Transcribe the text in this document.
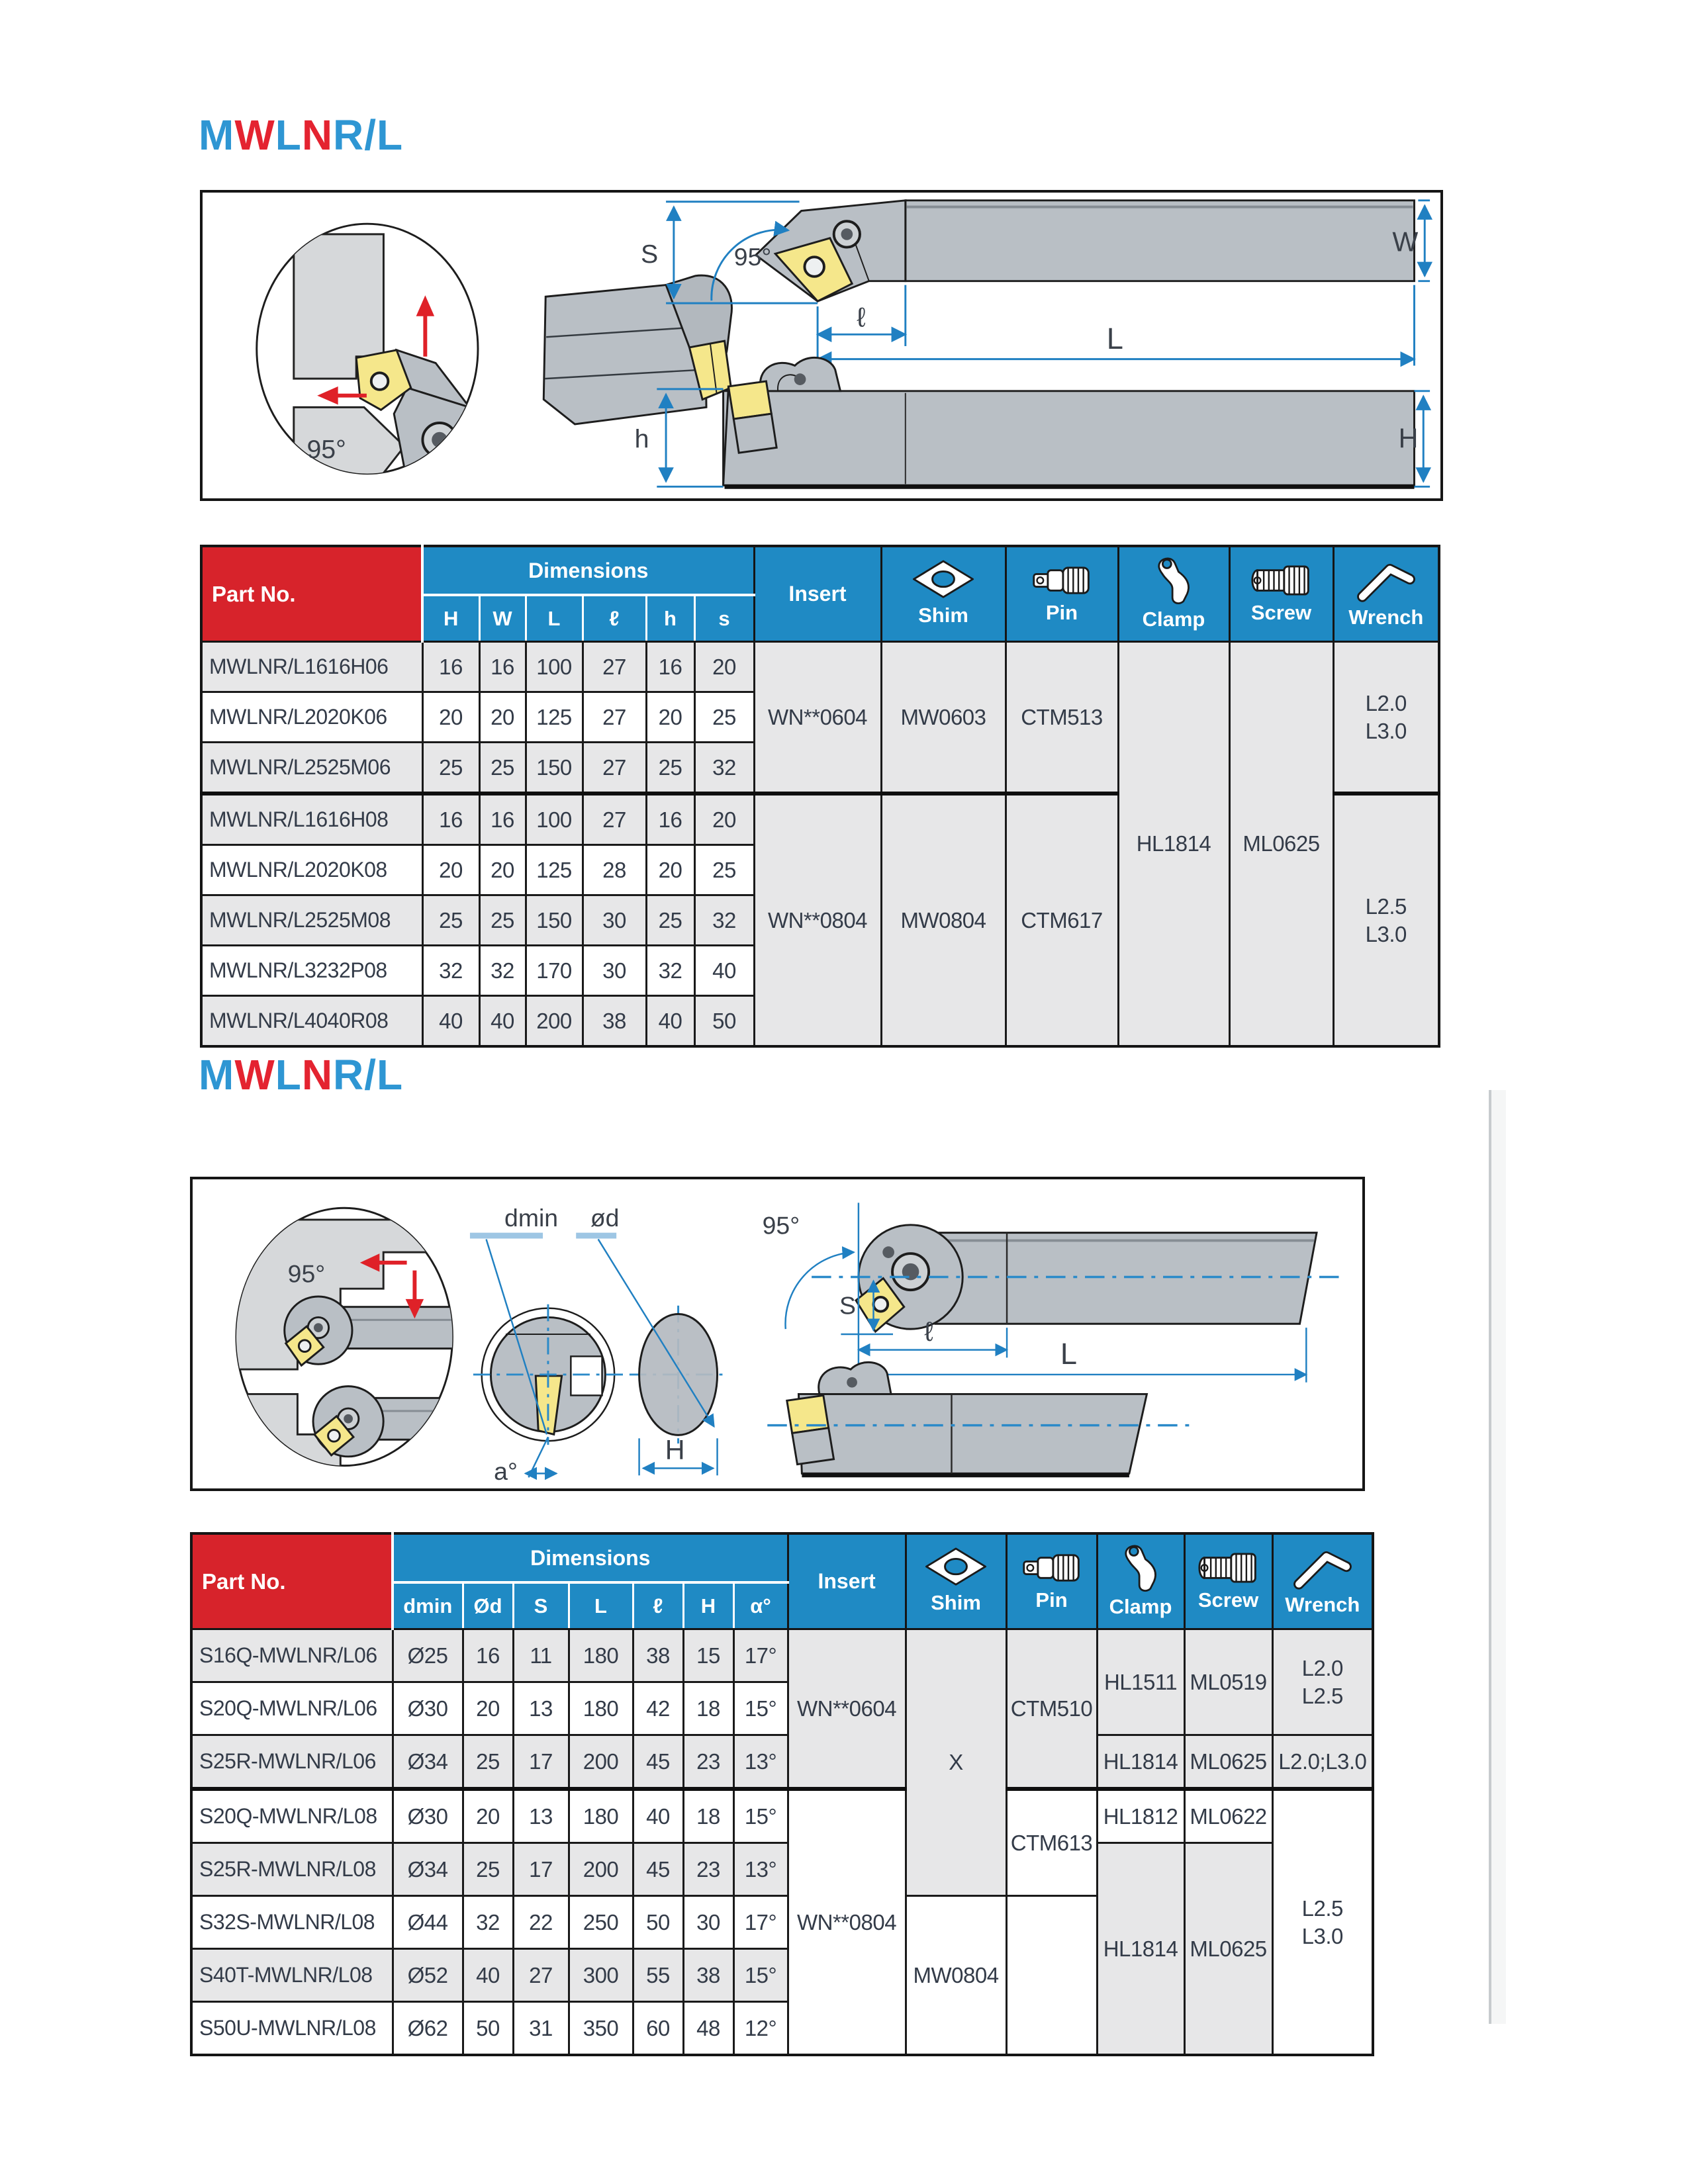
MWLNR/L
95°
S	95°
ℓ
L
W
h	H
Part No.	Dimensions						Insert	Shim	Pin	Clamp	Screw	Wrench

	H	W	L	ℓ	h	s						
MWLNR/L1616H06	16	16	100	27	16	20	WN**0604	MW0603	CTM513	HL1814	ML0625	L2.0
L3.0

MWLNR/L2020K06	20	20	125	27	20	25						
MWLNR/L2525M06	25	25	150	27	25	32						
MWLNR/L1616H08	16	16	100	27	16	20	WN**0804	MW0804	CTM617			L2.5
L3.0

MWLNR/L2020K08	20	20	125	28	20	25						
MWLNR/L2525M08	25	25	150	30	25	32						
MWLNR/L3232P08	32	32	170	30	32	40						
MWLNR/L4040R08	40	40	200	38	40	50						
MWLNR/L
95°
dmin ød
H
a°
95°
S
ℓ
L
Part No.	Dimensions							Insert	Shim	Pin	Clamp	Screw	Wrench

	dmin	Ød	S	L	ℓ	H	α°						
S16Q-MWLNR/L06	Ø25	16	11	180	38	15	17°	WN**0604	X	CTM510	HL1511	ML0519	L2.0
L2.5

S20Q-MWLNR/L06	Ø30	20	13	180	42	18	15°						
S25R-MWLNR/L06	Ø34	25	17	200	45	23	13°				HL1814	ML0625	L2.0;L3.0
S20Q-MWLNR/L08	Ø30	20	13	180	40	18	15°	WN**0804		CTM613	HL1812	ML0622	L2.5
L3.0

S25R-MWLNR/L08	Ø34	25	17	200	45	23	13°				HL1814	ML0625	
S32S-MWLNR/L08	Ø44	32	22	250	50	30	17°		MW0804				
S40T-MWLNR/L08	Ø52	40	27	300	55	38	15°						
S50U-MWLNR/L08	Ø62	50	31	350	60	48	12°						
